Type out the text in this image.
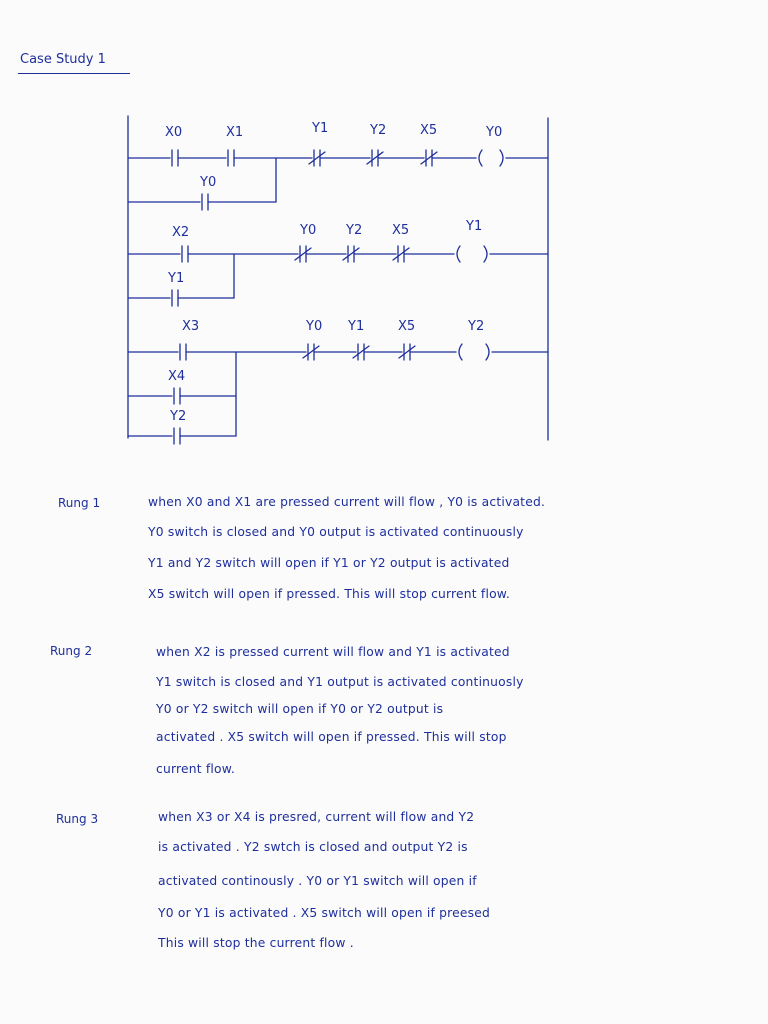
Case Study 1
X0	X1	Y1	Y2	X5	Y0
Y0
X2	Y0 Y2 X5	Y1
Y1
X3	Y0 Y1	X5	Y2
X4
Y2
Rung 1	when X0 and X1 are pressed current will flow , Y0 is activated.
Y0 switch is closed and Y0 output is activated continuously
Y1 and Y2 switch will open if Y1 or Y2 output is activated
X5 switch will open if pressed. This will stop current flow.
Rung 2	when X2 is pressed current will flow and Y1 is activated
Y1 switch is closed and Y1 output is activated continuosly
Y0 or Y2 switch will open if Y0 or Y2 output is
activated . X5 switch will open if pressed. This will stop
current flow.
Rung 3	when X3 or X4 is presred, current will flow and Y2
is activated . Y2 swtch is closed and output Y2 is
activated continously . Y0 or Y1 switch will open if
Y0 or Y1 is activated . X5 switch will open if preesed
This will stop the current flow .
